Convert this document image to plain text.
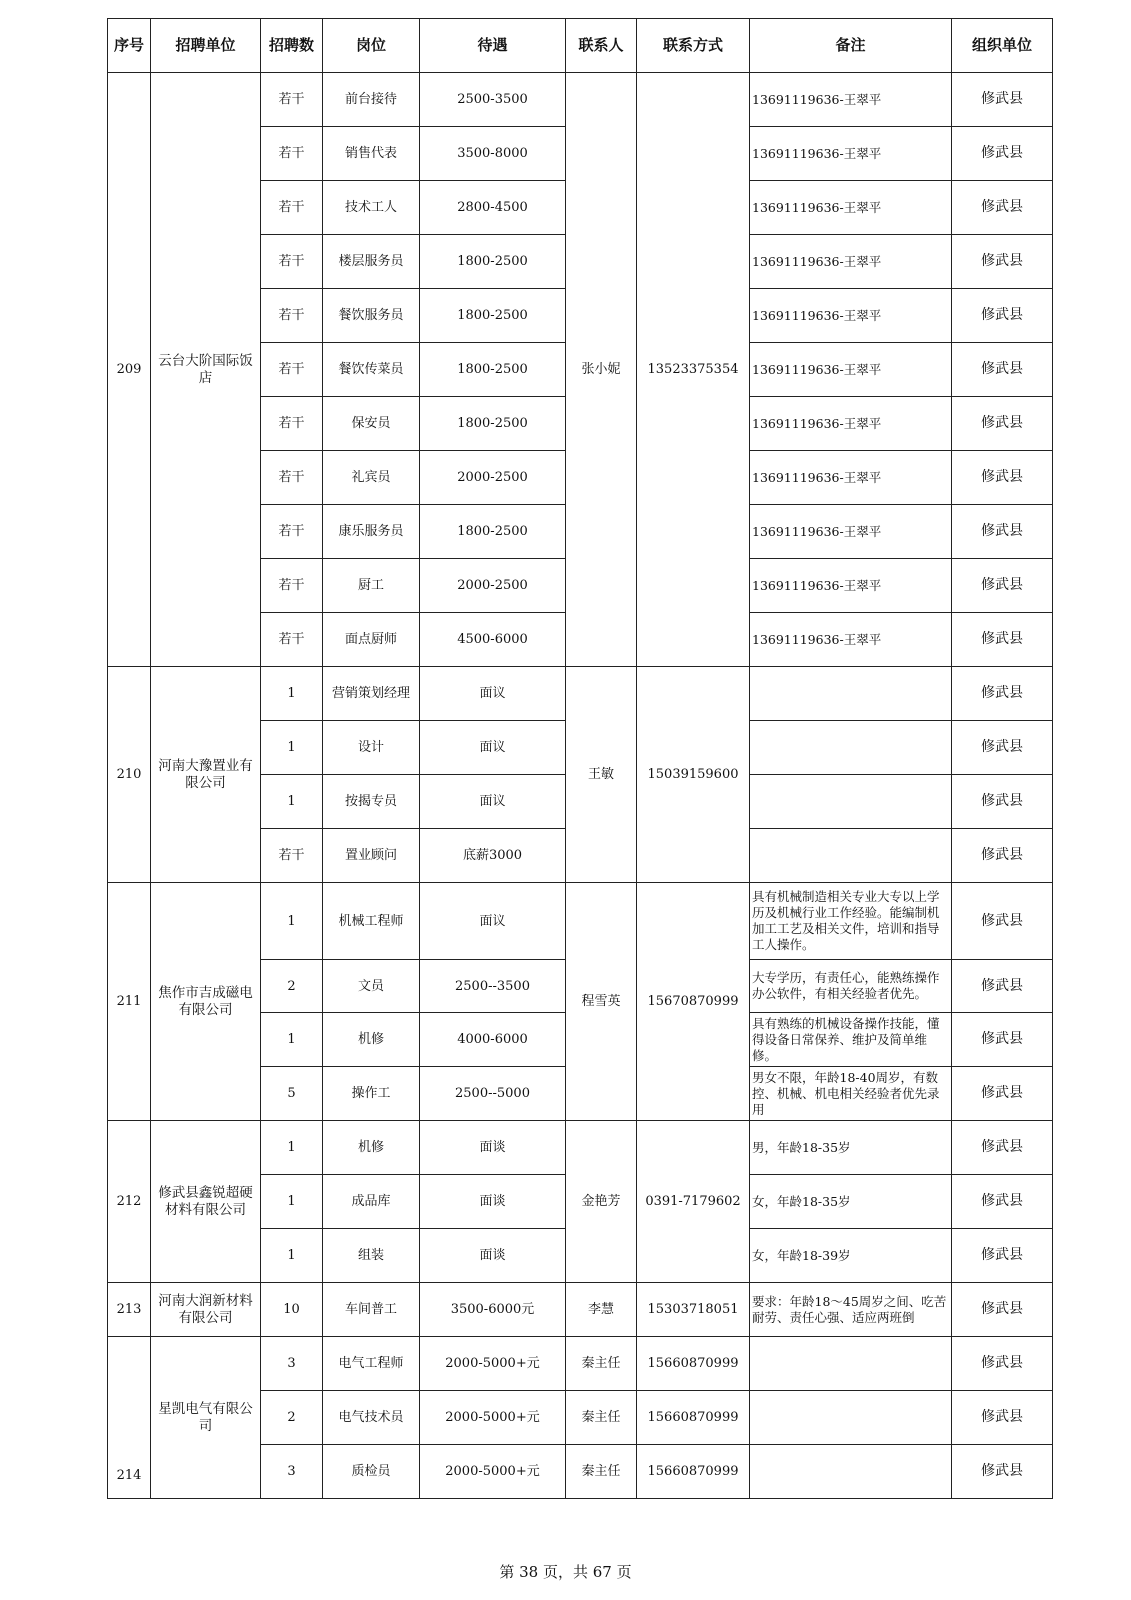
序号	招聘单位	招聘数	岗位	待遇	联系人	联系方式	备注	组织单位
209	云台大阶国际饭店	若干	前台接待	2500-3500	张小妮	13523375354	13691119636-王翠平	修武县
		若干	销售代表	3500-8000			13691119636-王翠平	修武县
		若干	技术工人	2800-4500			13691119636-王翠平	修武县
		若干	楼层服务员	1800-2500			13691119636-王翠平	修武县
		若干	餐饮服务员	1800-2500			13691119636-王翠平	修武县
		若干	餐饮传菜员	1800-2500			13691119636-王翠平	修武县
		若干	保安员	1800-2500			13691119636-王翠平	修武县
		若干	礼宾员	2000-2500			13691119636-王翠平	修武县
		若干	康乐服务员	1800-2500			13691119636-王翠平	修武县
		若干	厨工	2000-2500			13691119636-王翠平	修武县
		若干	面点厨师	4500-6000			13691119636-王翠平	修武县
210	河南大豫置业有限公司	1	营销策划经理	面议	王敏	15039159600		修武县
		1	设计	面议				修武县
		1	按揭专员	面议				修武县
		若干	置业顾问	底薪3000				修武县
211	焦作市吉成磁电有限公司	1	机械工程师	面议	程雪英	15670870999	具有机械制造相关专业大专以上学历及机械行业工作经验。能编制机加工工艺及相关文件，培训和指导工人操作。	修武县
		2	文员	2500--3500			大专学历，有责任心，能熟练操作办公软件，有相关经验者优先。	修武县
		1	机修	4000-6000			具有熟练的机械设备操作技能，懂得设备日常保养、维护及简单维修。	修武县
		5	操作工	2500--5000			男女不限，年龄18-40周岁，有数控、机械、机电相关经验者优先录用	修武县
212	修武县鑫锐超硬材料有限公司	1	机修	面谈	金艳芳	0391-7179602	男，年龄18-35岁	修武县
		1	成品库	面谈			女，年龄18-35岁	修武县
		1	组装	面谈			女，年龄18-39岁	修武县
213	河南大润新材料有限公司	10	车间普工	3500-6000元	李慧	15303718051	要求：年龄18～45周岁之间、吃苦耐劳、责任心强、适应两班倒	修武县
214	星凯电气有限公司	3	电气工程师	2000-5000+元	秦主任	15660870999		修武县
		2	电气技术员	2000-5000+元	秦主任	15660870999		修武县
		3	质检员	2000-5000+元	秦主任	15660870999		修武县
第 38 页，共 67 页
